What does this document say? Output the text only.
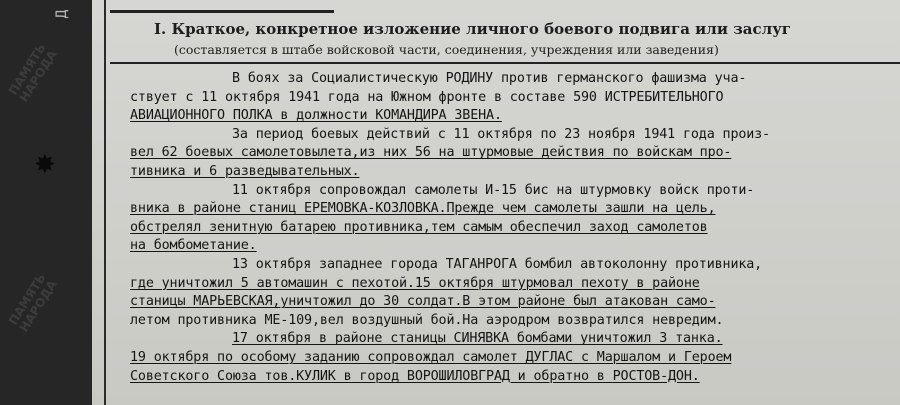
Д
✸
ПАМЯТЬ
НАРОДА
ПАМЯТЬ
НАРОДА
I. Краткое, конкретное изложение личного боевого подвига или заслуг
(составляется в штабе войсковой части, соединения, учреждения или заведения)
В боях за Социалистическую РОДИНУ против германского фашизма уча-
ствует с 11 октября 1941 года на Южном фронте в составе 590 ИСТРЕБИТЕЛЬНОГО
АВИАЦИОННОГО ПОЛКА в должности КОМАНДИРА ЗВЕНА.
За период боевых действий с 11 октября по 23 ноября 1941 года произ-
вел 62 боевых самолетовылета,из них 56 на штурмовые действия по войскам про-
тивника и 6 разведывательных.
11 октября сопровождал самолеты И-15 бис на штурмовку войск проти-
вника в районе станиц ЕРЕМОВКА-КОЗЛОВКА.Прежде чем самолеты зашли на цель,
обстрелял зенитную батарею противника,тем самым обеспечил заход самолетов
на бомбометание.
13 октября западнее города ТАГАНРОГА бомбил автоколонну противника,
где уничтожил 5 автомашин с пехотой.15 октября штурмовал пехоту в районе
станицы МАРЬЕВСКАЯ,уничтожил до 30 солдат.В этом районе был атакован само-
летом противника МЕ-109,вел воздушный бой.На аэродром возвратился невредим.
17 октября в районе станицы СИНЯВКА бомбами уничтожил 3 танка.
19 октября по особому заданию сопровождал самолет ДУГЛАС с Маршалом и Героем
Советского Союза тов.КУЛИК в город ВОРОШИЛОВГРАД и обратно в РОСТОВ-ДОН.
